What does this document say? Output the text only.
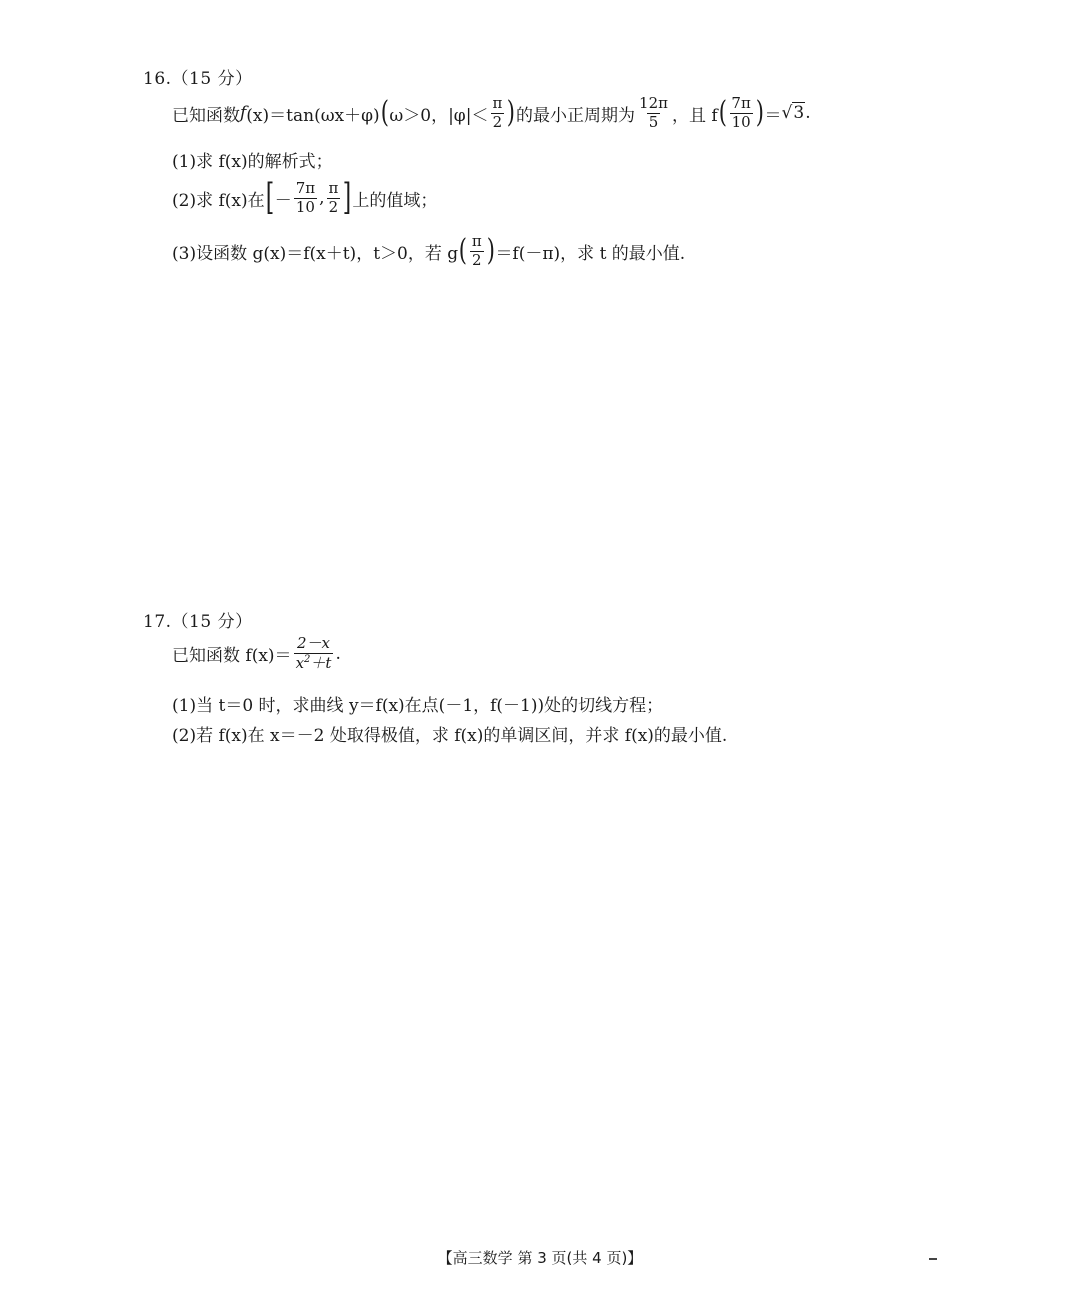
16.（15 分）
已知函数 f (x)＝tan(ωx＋φ) ( ω＞0，$|\varphi|< \frac{\pi}{2}$ ) 的最小正周期为 $\frac{12\pi}{5}$ ，且 f ( $\frac{7\pi}{10}$ ) ＝ √3 .
(1)求 f(x)的解析式；
(2)求 f(x)在 [ － $\frac{7\pi}{10}$ , $\frac{\pi}{2}$ ] 上的值域；
(3)设函数 g(x)＝f(x＋t)，t＞0，若 g ( $\frac{\pi}{2}$ ) ＝f(－π)，求 t 的最小值.
17.（15 分）
已知函数 $f(x)= \frac{2-x}{x^2+t}$ .
(1)当 t＝0 时，求曲线 y＝f(x)在点(－1，f(－1))处的切线方程；
(2)若 f(x)在 x＝－2 处取得极值，求 f(x)的单调区间，并求 f(x)的最小值.
【高三数学 第 3 页(共 4 页)】
